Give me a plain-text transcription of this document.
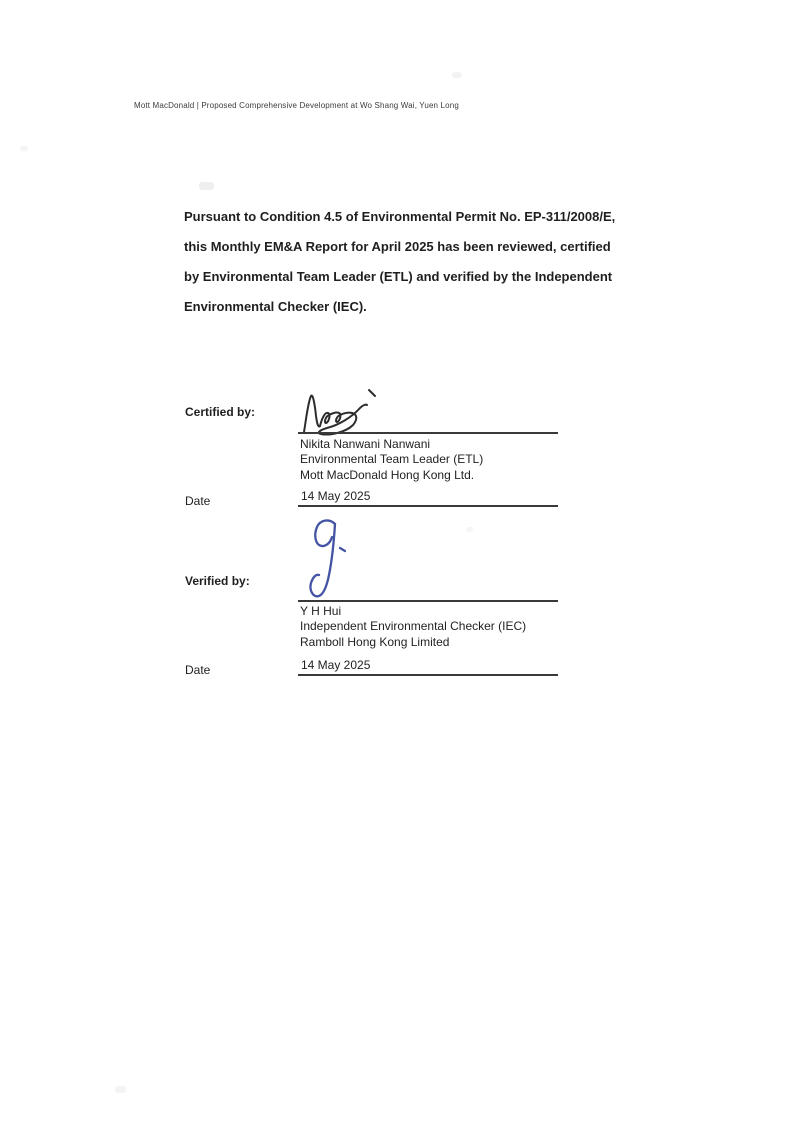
Mott MacDonald | Proposed Comprehensive Development at Wo Shang Wai, Yuen Long
Pursuant to Condition 4.5 of Environmental Permit No. EP-311/2008/E,
this Monthly EM&A Report for April 2025 has been reviewed, certified
by Environmental Team Leader (ETL) and verified by the Independent
Environmental Checker (IEC).
Certified by:
Nikita Nanwani Nanwani
Environmental Team Leader (ETL)
Mott MacDonald Hong Kong Ltd.
Date	14 May 2025
Verified by:
Y H Hui
Independent Environmental Checker (IEC)
Ramboll Hong Kong Limited
Date	14 May 2025
